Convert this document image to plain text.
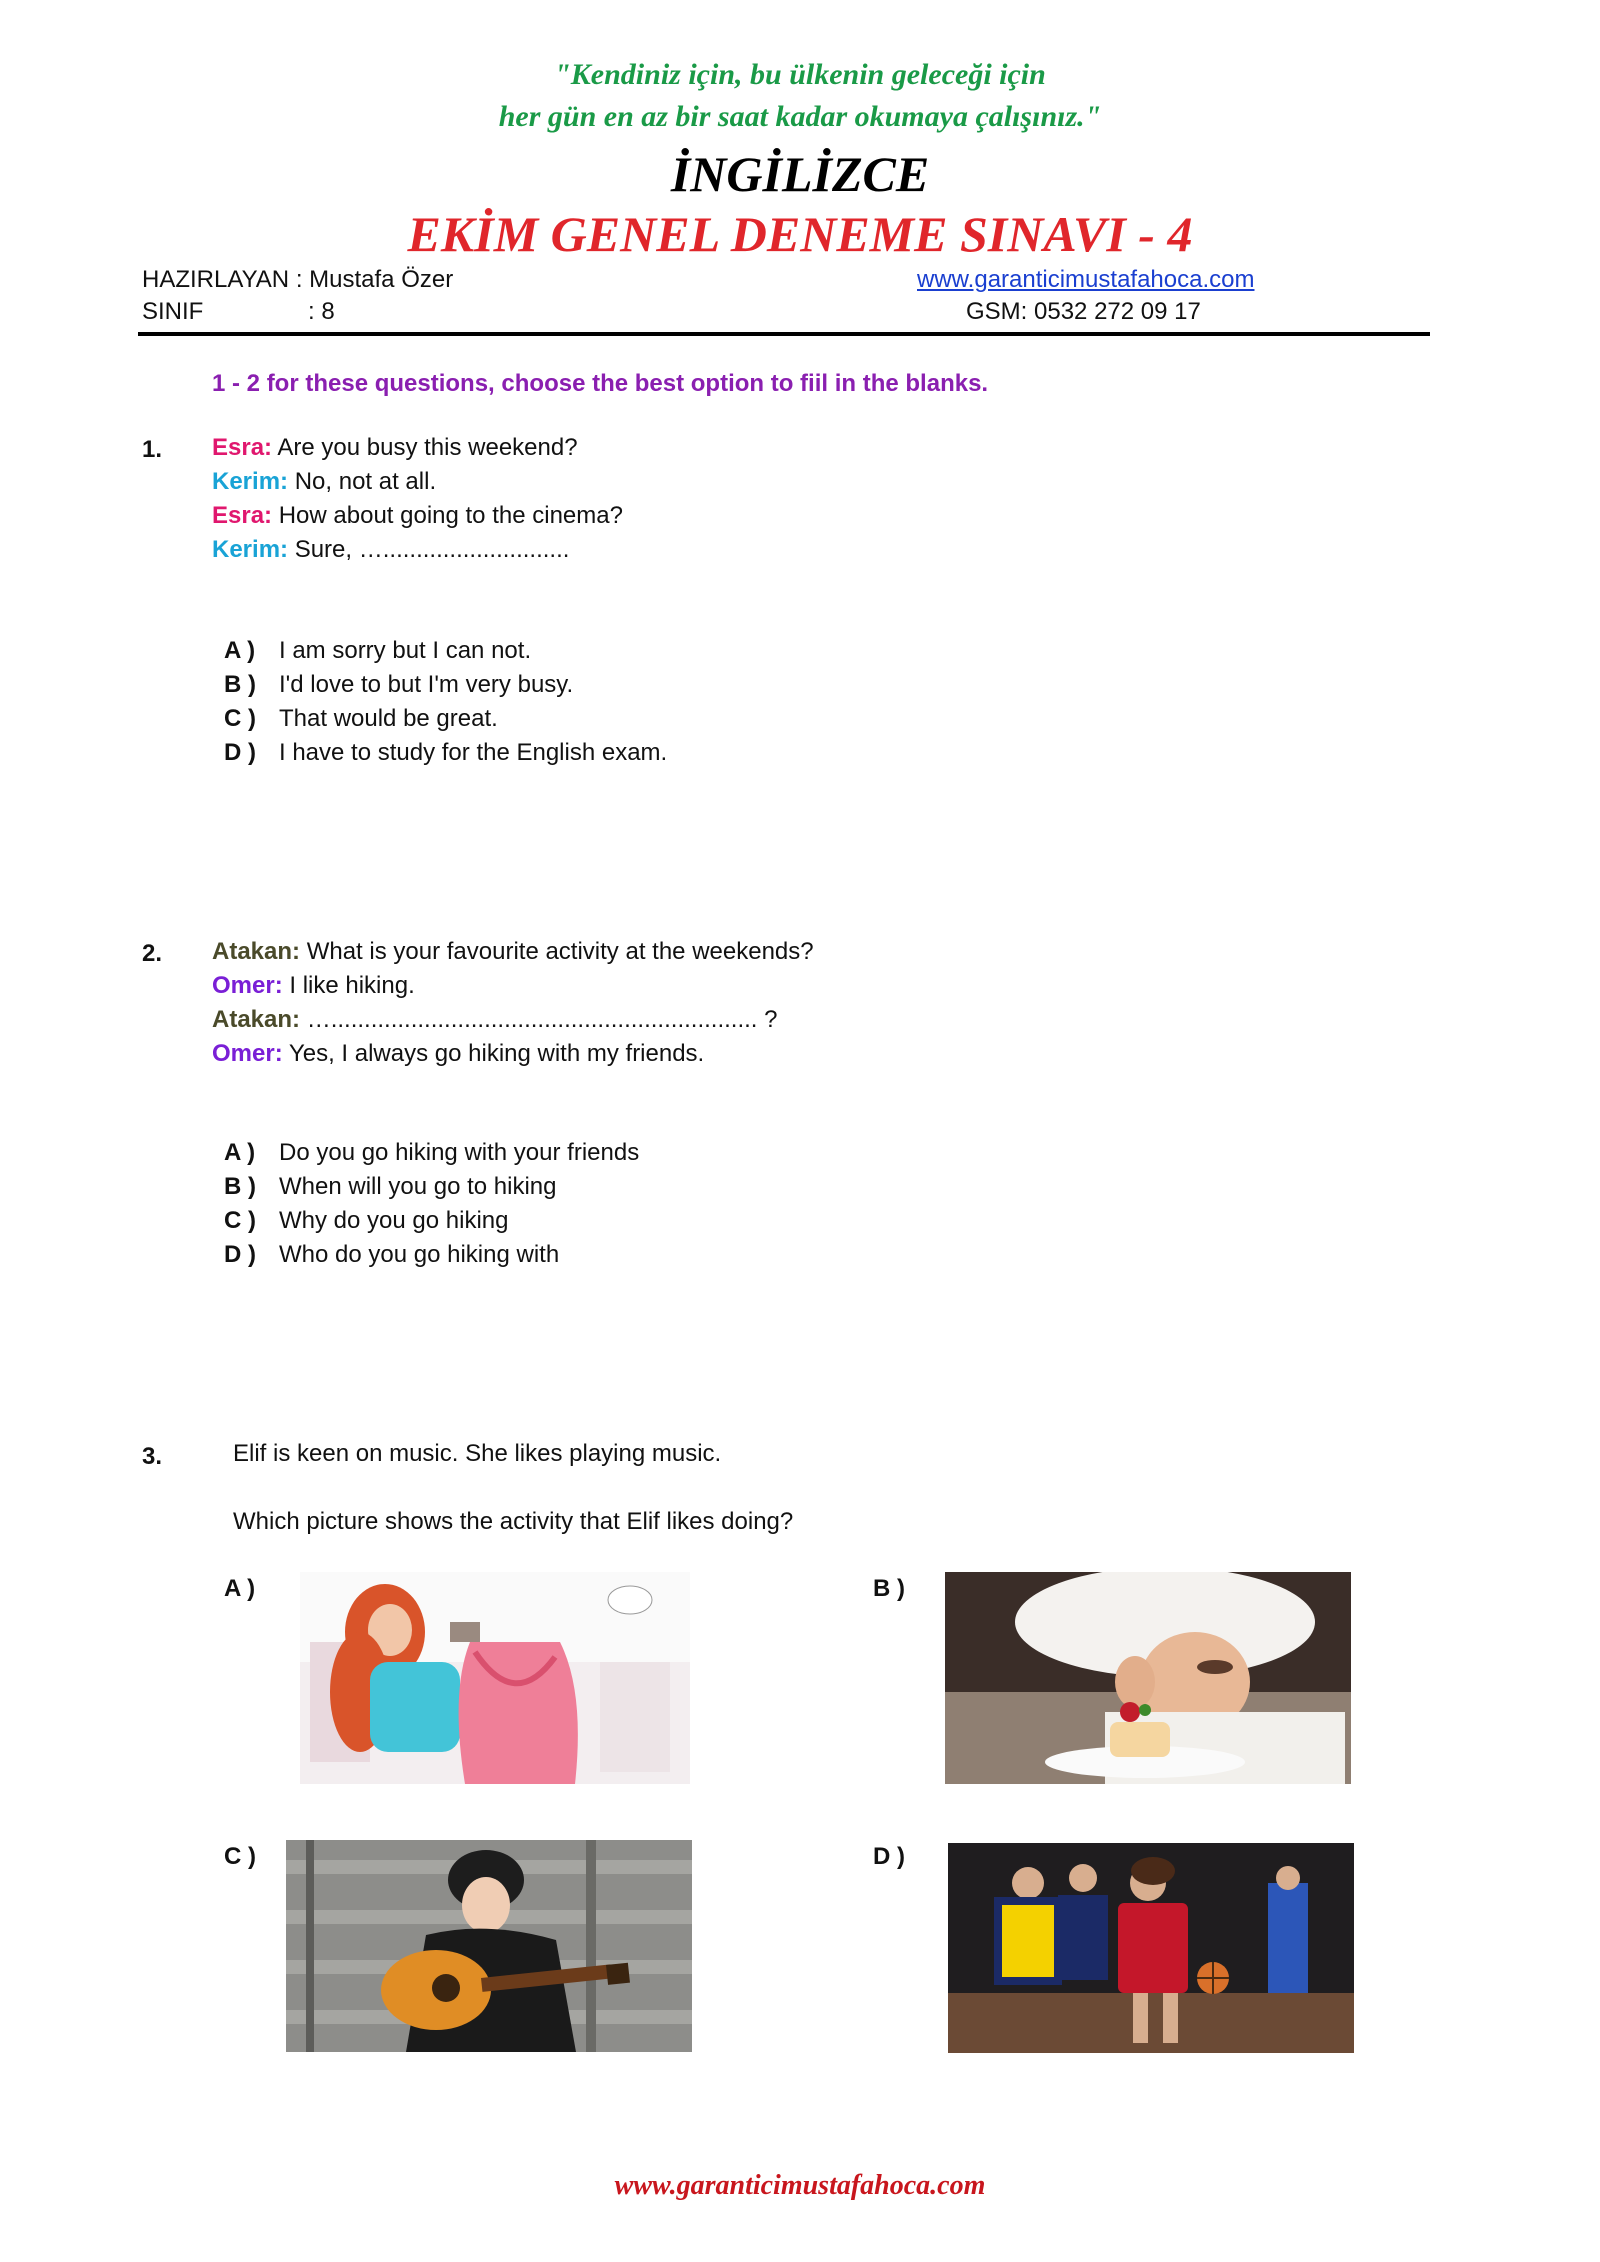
"Kendiniz için, bu ülkenin geleceği için
her gün en az bir saat kadar okumaya çalışınız."
İNGİLİZCE
EKİM GENEL DENEME SINAVI - 4
HAZIRLAYAN : Mustafa Özer	www.garanticimustafahoca.com
SINIF	: 8	GSM: 0532 272 09 17
1 - 2 for these questions, choose the best option to fiil in the blanks.
1. Esra: Are you busy this weekend?
Kerim: No, not at all.
Esra: How about going to the cinema?
Kerim: Sure, …............................
A ) I am sorry but I can not.
B ) I'd love to but I'm very busy.
C ) That would be great.
D ) I have to study for the English exam.
2. Atakan: What is your favourite activity at the weekends?
Omer: I like hiking.
Atakan: …................................................................ ?
Omer: Yes, I always go hiking with my friends.
A ) Do you go hiking with your friends
B ) When will you go to hiking
C ) Why do you go hiking
D ) Who do you go hiking with
3.	Elif is keen on music. She likes playing music.
Which picture shows the activity that Elif likes doing?
A )	B )
C )	D )
www.garanticimustafahoca.com
